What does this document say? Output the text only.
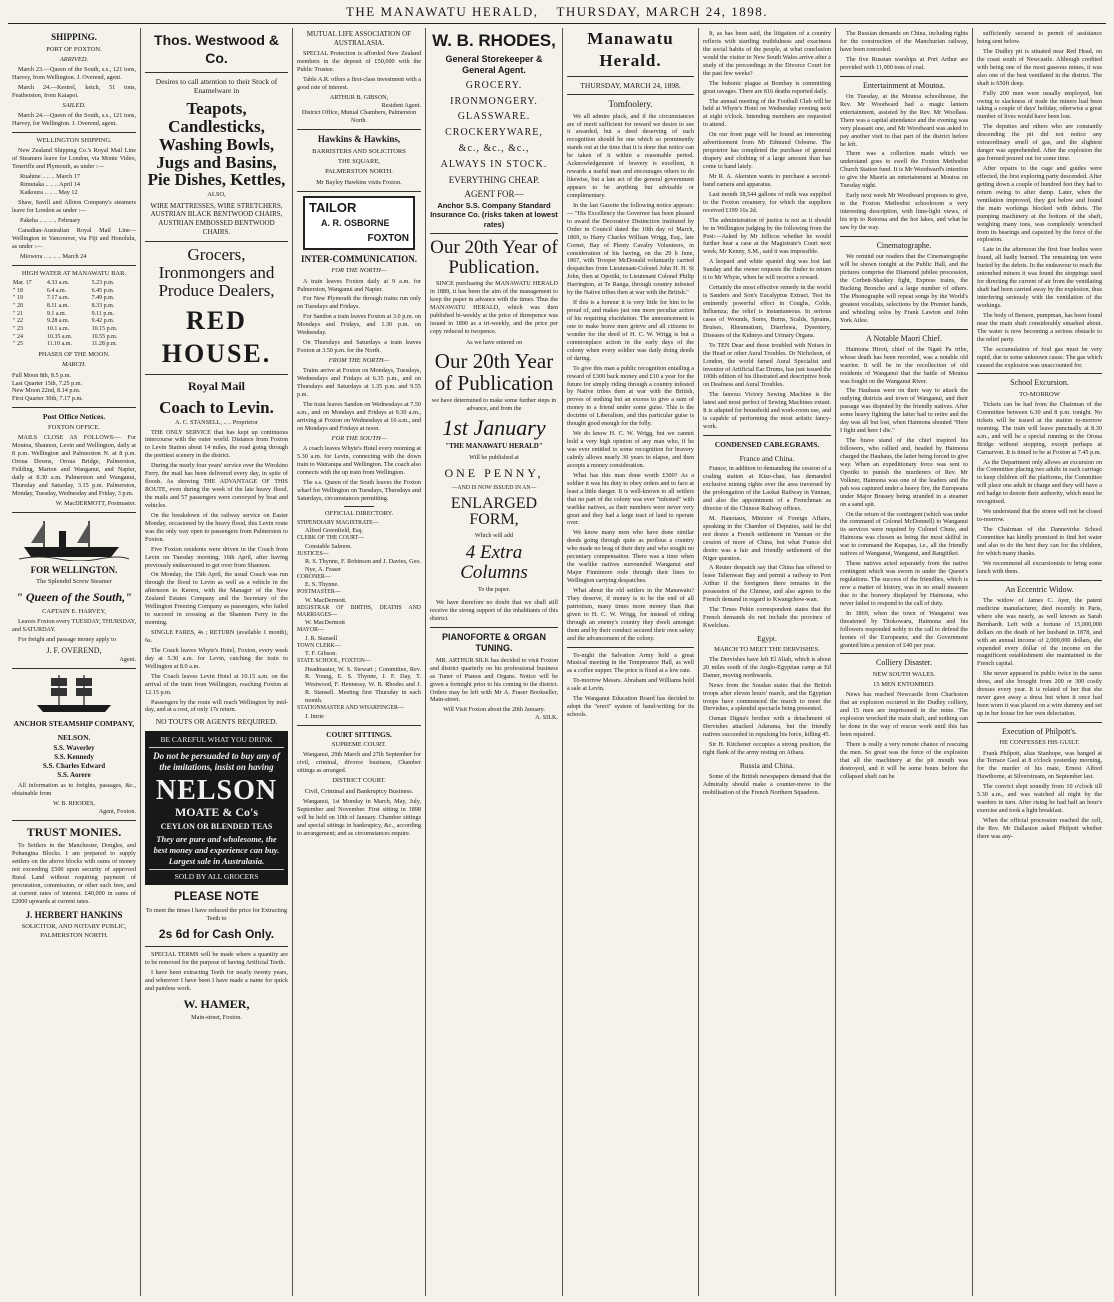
THE MANAWATU HERALD, THURSDAY, MARCH 24, 1898.
SHIPPING.
PORT OF FOXTON.
ARRIVED.
March 23.—Queen of the South, s.s., 121 tons, Harvey, from Wellington. J. Overend, agent.
March 24.—Kestrel, ketch, 51 tons, Featherston, from Kaiapoi.
SAILED.
March 24.—Queen of the South, s.s., 121 tons, Harvey, for Wellington. J. Overend, agent.
WELLINGTON SHIPPING.
New Zealand Shipping Co.'s Royal Mail Line of Steamers leave for London, via Monte Video, Teneriffe and Plymouth, as under :—
Ruahine .. .. .. March 17
Rimutaka .. .. .. April 14
Kaikoura .. .. .. May 12
Shaw, Savill and Albion Company's steamers leave for London as under :—
Pakeha .. .. .. .. February
Canadian-Australian Royal Mail Line—Wellington to Vancouver, via Fiji and Honolulu, as under :—
Miowera .. .. .. .. March 24
HIGH WATER AT MANAWATU BAR.
Mar. 17	4.33 a.m.	5.23 p.m.
" 18	6.4 a.m.	6.45 p.m.
" 19	7.17 a.m.	7.49 p.m.
" 20	8.11 a.m.	8.33 p.m.
" 21	9.1 a.m.	9.11 p.m.
" 22	9.28 a.m.	9.42 p.m.
" 23	10.1 a.m.	10.15 p.m.
" 24	10.35 a.m.	10.55 p.m.
" 25	11.10 a.m.	11.28 p.m.
PHASES OF THE MOON.
MARCH.
Full Moon 8th, 8.5 p.m.
Last Quarter 15th, 7.25 p.m.
New Moon 22nd, 8.14 p.m.
First Quarter 30th, 7.17 p.m.
Post Office Notices.
FOXTON OFFICE.
MAILS CLOSE AS FOLLOWS:— For Moutoa, Shannon, Levin and Wellington, daily at 8 p.m. Wellington and Palmerston N. at 8 p.m. Oroua Downs, Oroua Bridge, Palmerston, Feilding, Marton and Wanganui, and Napier, daily at 8.30 a.m. Palmerston and Wanganui, Thursday and Saturday, 3.15 p.m. Palmerston, Monday, Tuesday, Wednesday and Friday, 3 p.m.
W. MacDERMOTT, Postmaster.
FOR WELLINGTON.
The Splendid Screw Steamer
" Queen of the South,"
CAPTAIN E. HARVEY,
Leaves Foxton every TUESDAY, THURSDAY, and SATURDAY.
For freight and passage money apply to
J. F. OVEREND,
Agent.
ANCHOR STEAMSHIP COMPANY,
NELSON.
S.S. Waverley
S.S. Kennedy
S.S. Charles Edward
S.S. Aorere
All information as to freights, passages, &c., obtainable from
W. B. RHODES,
Agent, Foxton.
TRUST MONIES.
To Settlers in the Manchester, Dongles, and Pohangina Blocks. I am prepared to supply settlers on the above blocks with sums of money not exceeding £500 upon security of approved Rural Land without requiring payment of procuration, commission, or other such fees, and at current rates of interest. £40,000 in sums of £2000 upwards at current rates.
J. HERBERT HANKINS
SOLICITOR, AND NOTARY PUBLIC, PALMERSTON NORTH.
Thos. Westwood & Co.
Desires to call attention to their Stock of Enamelware in
Teapots, Candlesticks, Washing Bowls, Jugs and Basins, Pie Dishes, Kettles,
ALSO,
WIRE MATTRESSES, WIRE STRETCHERS, AUSTRIAN BLACK BENTWOOD CHAIRS, AUSTRIAN EMBOSSED BENTWOOD CHAIRS.
Grocers, Ironmongers and Produce Dealers,
RED HOUSE.
Royal Mail
Coach to Levin.
A. C. STANSELL, .. .. Proprietor
THE ONLY SERVICE that has kept up continuous intercourse with the outer world. Distance from Foxton to Levin Station about 14 miles, the road going through the prettiest scenery in the district.
During the nearly four years' service over the Wirokino Ferry, the mail has been delivered every day, in spite of floods. As showing THE ADVANTAGE OF THIS ROUTE, even during the week of the late heavy flood, the mails and 57 passengers were conveyed by boat and vehicles.
On the breakdown of the railway service on Easter Monday, occasioned by the heavy flood, this Levin route was the only way open to passengers from Palmerston to Foxton.
Five Foxton residents were driven in the Coach from Levin on Tuesday morning, 16th April, after having previously endeavoured to get over from Shannon.
On Monday, the 15th April, the usual Coach was run through the flood to Levin as well as a vehicle in the afternoon to Kereru, with the Manager of the New Zealand Estates Company and the Secretary of the Wellington Freezing Company as passengers, who failed to succeed in crossing at the Shannon Ferry in the morning.
SINGLE FARES, 4s ; RETURN (available 1 month), 6s.
The Coach leaves Whyte's Hotel, Foxton, every week day at 5.30 a.m. for Levin, catching the train to Wellington at 8.0 a.m.
The Coach leaves Levin Hotel at 10.15 a.m. on the arrival of the train from Wellington, reaching Foxton at 12.15 p.m.
Passengers by the route will reach Wellington by mid-day, and at a cost, of only 17s return.
NO TOUTS OR AGENTS REQUIRED.
BE CAREFUL WHAT YOU DRINK
Do not be persuaded to buy any of the imitations, insist on having
NELSON
MOATE & Co's
CEYLON OR BLENDED TEAS
They are pure and wholesome, the best money and experience can buy. Largest sale in Australasia.
SOLD BY ALL GROCERS
PLEASE NOTE
To meet the times I have reduced the price for Extracting Teeth to
2s 6d for Cash Only.
SPECIAL TERMS will be made where a quantity are to be removed for the purpose of having Artificial Teeth.
I have been extracting Teeth for nearly twenty years, and wherever I have been I have made a name for quick and painless work.
W. HAMER,
Main-street, Foxton.
MUTUAL LIFE ASSOCIATION OF AUSTRALASIA.
SPECIAL Protection is afforded New Zealand members in the deposit of £50,000 with the Public Trustee.
Table A.R. offers a first-class investment with a good rate of interest.
ARTHUR B. GIBSON,
Resident Agent.
District Office, Mutual Chambers, Palmerston North.
Hawkins & Hawkins,
BARRISTERS AND SOLICITORS
THE SQUARE,
PALMERSTON NORTH.
Mr Bayley Hawkins visits Foxton.
TAILOR
A. R. OSBORNE
FOXTON
INTER-COMMUNICATION.
FOR THE NORTH—
A train leaves Foxton daily at 9 a.m. for Palmerston, Wanganui and Napier.
For New Plymouth the through trains run only on Tuesdays and Fridays.
For Sandon a train leaves Foxton at 3.0 p.m. on Mondays and Fridays, and 1.30 p.m. on Wednesday.
On Thursdays and Saturdays a train leaves Foxton at 3.50 p.m. for the North.
FROM THE NORTH—
Trains arrive at Foxton on Mondays, Tuesdays, Wednesdays and Fridays at 6.35 p.m., and on Thursdays and Saturdays at 1.35 p.m. and 9.55 p.m.
The train leaves Sandon on Wednesdays at 7.50 a.m., and on Mondays and Fridays at 9.30 a.m., arriving at Foxton on Wednesdays at 10 a.m., and on Mondays and Fridays at noon.
FOR THE SOUTH—
A coach leaves Whyte's Hotel every morning at 5.30 a.m. for Levin, connecting with the down train to Wairarapa and Wellington. The coach also connects with the up train from Wellington.
The s.s. Queen of the South leaves the Foxton wharf for Wellington on Tuesdays, Thursdays and Saturdays, circumstances permitting.
OFFICIAL DIRECTORY.
STIPENDIARY MAGISTRATE—
Alfred Greenfield, Esq.
CLERK OF THE COURT—
Constable Salmon.
JUSTICES—
R. S. Thynne, F. Robinson and J. Davies, Geo. Nye, A. Fraser
CORONER—
E. S. Thynne.
POSTMASTER—
W. MacDermott.
REGISTRAR OF BIRTHS, DEATHS AND MARRIAGES—
W. MacDermott
MAYOR—
J. R. Stansell
TOWN CLERK—
T. F. Gibson.
STATE SCHOOL, FOXTON—
Headmaster, W. S. Stewart ; Committee, Rev. R. Young, E. S. Thynne, J. F. Day, T. Westwood, F. Hennessy, W. B. Rhodes and J. R. Stansell. Meeting first Thursday in each month.
STATIONMASTER AND WHARFINGER—
J. Imrie
COURT SITTINGS.
SUPREME COURT.
Wanganui, 29th March and 27th September for civil, criminal, divorce business, Chamber sittings as arranged.
DISTRICT COURT.
Civil, Criminal and Bankruptcy Business.
Wanganui, 1st Monday in March, May, July, September and November. First sitting in 1898 will be held on 10th of January. Chamber sittings and special sittings in bankruptcy, &c., according to arrangement; and as circumstances require.
W. B. RHODES,
General Storekeeper & General Agent.
GROCERY.
IRONMONGERY.
GLASSWARE.
CROCKERYWARE,
&c., &c., &c.,
ALWAYS IN STOCK.
EVERYTHING CHEAP.
AGENT FOR—
Anchor S.S. Company Standard Insurance Co. (risks taken at lowest rates)
Our 20th Year of Publication.
SINCE purchasing the MANAWATU HERALD in 1889, it has been the aim of the management to keep the paper in advance with the times. Thus the MANAWATU HERALD, which was then published bi-weekly at the price of threepence was issued in 1890 as a tri-weekly, and the price per copy reduced to twopence.
As we have entered on
Our 20th Year of Publication
we have determined to make some further steps in advance, and from the
1st January
"THE MANAWATU HERALD"
Will be published at
ONE PENNY,
—AND IS NOW ISSUED IN AN—
ENLARGED FORM,
Which will add
4 Extra Columns
To the paper.
We have therefore no doubt that we shall still receive the strong support of the inhabitants of this district.
PIANOFORTE & ORGAN TUNING.
MR. ARTHUR SILK has decided to visit Foxton and district quarterly on his professional business as Tuner of Pianos and Organs. Notice will be given a fortnight prior to his coming to the district. Orders may be left with Mr A. Fraser Bookseller, Main-street.
Will Visit Foxton about the 20th January.
A. SILK.
Manawatu Herald.
THURSDAY, MARCH 24, 1898.
Tomfoolery.
We all admire pluck, and if the circumstances are of merit sufficient for reward we desire to see it awarded, but a deed deserving of such recognition should be one which so prominently stands out at the time that it is done that notice can be taken of it within a reasonable period. Acknowledgement of bravery is excellent, it rewards a useful man and encourages others to do likewise, but a late act of the general government appears to be anything but advisable or complimentary.
In the last Gazette the following notice appears:— "His Excellency the Governor has been pleased to award the Decorative Distinction instituted by Order in Council dated the 10th day of March, 1869, to Harry Charles William Wrigg, Esq., late Cornet, Bay of Plenty Cavalry Volunteers, in consideration of his having, on the 29 h June, 1867, with Trooper McDonald voluntarily carried despatches from Lieutenant-Colonel John H. H. St John, then at Opotiki, to Lieutenant Colonel Philip Harrington, at Te Ranga, through country infested by the Native tribes then at war with the British."
If this is a honour it is very little for him to be proud of, and makes just one more peculiar action of his requiring elucidation. The announcement is one to make brave men grieve and all citizens to wonder for the deed of H. C. W. Wrigg is but a commonplace action in the early days of the colony when every soldier was daily doing deeds of daring.
To give this man a public recognition entailing a reward of £300 back money and £10 a year for the future for simply riding through a country infested by Native tribes then at war with the British, proves of nothing but an excess to give a sum of money to a friend under some guise. This is the doctrine of Liberalism, and this particular guise is thought good enough for the folly.
We do know H. C. W. Wrigg, but we cannot hold a very high opinion of any man who, if he was ever entitled to some recognition for bravery calmly allows nearly 30 years to elapse, and then accepts a money consideration.
What has this man done worth £300? As a soldier it was his duty to obey orders and to face at least a little danger. It is well-known to all settlers that no part of the colony was ever "infested" with warlike natives, as their numbers were never very great and they had a large tract of land to operate over.
We know many men who have done similar deeds going through quite as perilous a country who made no brag of their duty and who sought no pecuniary compensation. There was a time when the warlike natives surrounded Wanganui and Major Finnimore rode through their lines to Wellington carrying despatches.
What about the old settlers in the Manawatu? They deserve, if money is to be the end of all patriotism, many times more money than that given to H. C. W. Wrigg, for instead of riding through an enemy's country they dwelt amongst them and by their conduct secured their own safety and the advancement of the colony.
To-night the Salvation Army hold a great Musical meeting in the Temperance Hall, as well as a coffee supper. The price is fixed at a low rate.
To-morrow Messrs. Abraham and Williams hold a sale at Levin.
The Wanganui Education Board has decided to adopt the "erect" system of hand-writing for its schools.
It, as has been said, the litigation of a country reflects with startling truthfulness and exactness the social habits of the people, at what conclusion would the visitor to New South Wales arrive after a study of the proceedings in the Divorce Court for the past few weeks?
The bubonic plague at Bombay is committing great ravages. There are 816 deaths reported daily.
The annual meeting of the Football Club will be held at Whyte's Hotel on Wednesday evening next at eight o'clock. Intending members are requested to attend.
On our front page will be found an interesting advertisement from Mr Edmund Osborne. The proprietor has completed the purchase of general drapery and clothing of a large amount than has come to hand lately.
Mr R. A. Akersten wants to purchase a second-hand camera and apparatus.
Last month 18,544 gallons of milk was supplied to the Foxton creamery, for which the suppliers received £199 16s 2d.
The administration of justice is not as it should be in Wellington judging by the following from the Post:—Asked by Mr Jellicoe whether he would further hear a case at the Magistrate's Court next week, Mr Kenny, S.M., said it was impossible.
A leopard and white spaniel dog was lost last Sunday and the owner requests the finder to return it to Mr Whyte, when he will receive a reward.
Certainly the most effective remedy in the world is Sanders and Son's Eucalyptus Extract. Test its eminently powerful effect in Coughs, Colds, Influenza; the relief is instantaneous. In serious cases of Wounds, Sores, Burns, Scalds, Sprains, Bruises, Rheumatism, Diarrhoea, Dysentery, Diseases of the Kidneys and Urinary Organs.
To TEN Dear and those troubled with Noises in the Head or other Aural Troubles. Dr Nicholson, of London, the world famed Aural Specialist and inventor of Artificial Ear Drums, has just issued the 100th edition of his illustrated and descriptive book on Deafness and Aural Troubles.
The famous Victory Sewing Machine is the latest and most perfect of Sewing Machines extant. It is adapted for household and work-room use, and is capable of performing the most artistic fancy-work.
CONDENSED CABLEGRAMS.
France and China.
France, in addition to demanding the cession of a coaling station at Kiao-chau, has demanded exclusive mining rights over the area traversed by the prolongation of the Laokai Railway in Yunnan, and also the appointment of a Frenchman as director of the Chinese Railway offices.
M. Hanotaux, Minister of Foreign Affairs, speaking in the Chamber of Deputies, said he did not desire a French settlement in Yunnan or the cession of more of China, but what France did desire was a fair and friendly settlement of the Niger question.
A Reuter despatch say that China has offered to lease Talienwan Bay and permit a railway to Port Arthur if the foreigners there remains in the possession of the Chinese, and also agrees to the French demand in regard to Kwangchow-wan.
The Times Pekin correspondent states that the French demands do not include the province of Kwelchau.
Egypt.
MARCH TO MEET THE DERVISHES.
The Dervishes have left El Aliab, which is about 20 miles south of the Anglo-Egyptian camp at Ed Damer, moving northwards.
News from the Soudan states that the British troops after eleven hours' march, and the Egyptian troops have commenced the march to meet the Dervishes, a splendid spectacle being presented.
Osman Digna's brother with a detachment of Dervishes attacked Adarama, but the friendly natives succeeded in repulsing his force, killing 45.
Sir H. Kitchener occupies a strong position, the right flank of the army resting on Atbara.
Russia and China.
Some of the British newspapers demand that the Admiralty should make a counter-move to the mobilisation of the French Northern Squadron.
The Russian demands on China, including rights for the construction of the Manchurian railway, have been conceded.
The five Russian warships at Port Arthur are provided with 11,000 tons of coal.
Entertainment at Moutoa.
On Tuesday, at the Moutoa schoolhouse, the Rev. Mr Woodward had a magic lantern entertainment, assisted by the Rev. Mr Woollass. There was a capital attendance and the evening was very pleasant one, and Mr Woodward was asked to pay another visit to that part of the district before he left.
There was a collection made which we understand goes to swell the Foxton Methodist Church Station fund. It is Mr Woodward's intention to give the Maoris an entertainment at Moutoa on Tuesday night.
Early next week Mr Woodward proposes to give, in the Foxton Methodist schoolroom a very interesting description, with lime-light views, of his trip to Rotorua and the hot lakes, and what he saw by the way.
Cinematographe.
We remind our readers that the Cinematographe will be shown tonight at the Public Hall, and the pictures comprise the Diamond jubilee procession, the Corbett-Sharkey fight, Express trains, the Bucking Broncho and a large number of others. The Phonographe will repeat songs by the World's greatest vocalists, selections by the Premier bands, and whistling solos by Frank Lawton and John York Atlee.
A Notable Maori Chief.
Haimona Hiroti, chief of the Ngati Pa tribe, whose death has been recorded, was a notable old warrior. It will be in the recollection of old residents of Wanganui that the battle of Moutoa was fought on the Wanganui River.
The Hauhaus were on their way to attack the outlying districts and town of Wanganui, and their passage was disputed by the friendly natives. After some heavy fighting the latter had to retire and the day was all but lost, when Haimona shouted "Here I fight and here I die."
The brave stand of the chief inspired his followers, who rallied and, headed by Haimona charged the Hauhaus, the latter being forced to give way. When an expeditionary force was sent to Opotiki to punish the murderers of Rev. Mr Volkner, Haimona was one of the leaders and the pah was captured under a heavy fire, the Europeans under Major Brassey being stranded in a steamer on a sand spit.
On the return of the contingent (which was under the command of Colonel McDonnell) to Wanganui its services were required by Colonel Chute, and Haimona was chosen as being the most skilful in war to command the Kupapas, i.e., all the friendly natives of Wanganui, Wanganui, and Rangitikei.
These natives acted separately from the native contingent which was sworn in under the Queen's regulations. The success of the friendlies, which is now a matter of history, was in no small measure due to the bravery displayed by Haimona, who never failed to respond to the call of duty.
In 1869, when the town of Wanganui was threatened by Titokowaru, Haimona and his followers responded nobly to the call to defend the homes of the Europeans; and the Government granted him a pension of £40 per year.
Colliery Disaster.
NEW SOUTH WALES.
15 MEN ENTOMBED.
News has reached Newcastle from Charleston that an explosion occurred in the Dudley colliery, and 15 men are imprisoned in the mine. The explosion wrecked the main shaft, and nothing can be done in the way of rescue work until this has been repaired.
There is really a very remote chance of rescuing the men. So great was the force of the explosion that all the machinery at the pit mouth was destroyed, and it will be some hours before the collapsed shaft can be
sufficiently secured to permit of assistance being sent below.
The Dudley pit is situated near Red Head, on the coast south of Newcastle. Although credited with being one of the most gaseous mines, it was also one of the best ventilated in the district. The shaft is 650ft deep.
Fully 200 men were usually employed, but owing to slackness of trade the miners had been taking a couple of days' holiday, otherwise a great number of lives would have been lost.
The deputies and others who are constantly descending the pit did not notice any extraordinary smell of gas, and the slightest danger was apprehended. After the explosion the gas formed poured out for some time.
After repairs to the cage and guides were effected, the first exploring party descended. After getting down a couple of hundred feet they had to return owing to after damp. Later, when the ventilation improved, they got below and found the main workings blocked with debris. The pumping machinery at the bottom of the shaft, weighing many tons, was completely wrenched from its bearings and capsized by the force of the explosion.
Late in the afternoon the first four bodies were found, all badly burned. The remaining ten were buried by the debris. In the endeavour to reach the entombed miners it was found the stoppings used for directing the current of air from the ventilating shaft had been carried away by the explosion, thus interfering seriously with the ventilation of the workings.
The body of Benson, pumpman, has been found near the main shaft considerably smashed about. The water is now becoming a serious obstacle to the relief party.
The accumulation of foul gas must be very rapid, due to some unknown cause. The gas which caused the explosion was unaccounted for.
School Excursion.
TO-MORROW
Tickets can be had from the Chairman of the Committee between 6.30 and 8 p.m. tonight. No tickets will be issued at the station to-morrow morning. The train will leave punctually at 8.30 a.m., and will be a special running to the Oroua Bridge without stopping, except perhaps at Carnarvon. It is timed to be at Foxton at 7.45 p.m.
As the Department only allows an excursion on the Committee placing two adults in each carriage to keep children off the platforms, the Committee will place one adult in charge and they will have a red badge to denote their authority, which must be recognised.
We understand that the stores will not be closed to-morrow.
The Chairman of the Dannevirke School Committee has kindly promised to find hot water and also to do the best they can for the children, for which many thanks.
We recommend all excursionists to bring some lunch with them.
An Eccentric Widow.
The widow of James C. Ayer, the patent medicine manufacturer, died recently in Paris, where she was nearly, as well known as Sarah Bernhardt. Left with a fortune of 15,000,000 dollars on the death of her husband in 1878, and with an annual income of 2,000,000 dollars, she expended every dollar of the income on the magnificent establishment she maintained in the French capital.
She never appeared in public twice in the same dress, and she brought from 200 or 300 costly dresses every year. It is related of her that she never gave away a dress but when it once had been worn it was placed on a wire dummy and set up in her house for her own delectation.
Execution of Philpott's.
HE CONFESSES HIS GUILT.
Frank Philpott, alias Stanhope, was hanged at the Terrace Gaol at 8 o'clock yesterday morning, for the murder of his mate, Ernest Alfred Hawthorne, at Silverstream, on September last.
The convict slept soundly from 10 o'clock till 5.30 a.m., and was watched all night by the warders in turn. After rising he had half an hour's exercise and took a light breakfast.
When the official procession reached the cell, the Rev. Mr Dallaston asked Philpott whether there was any-
